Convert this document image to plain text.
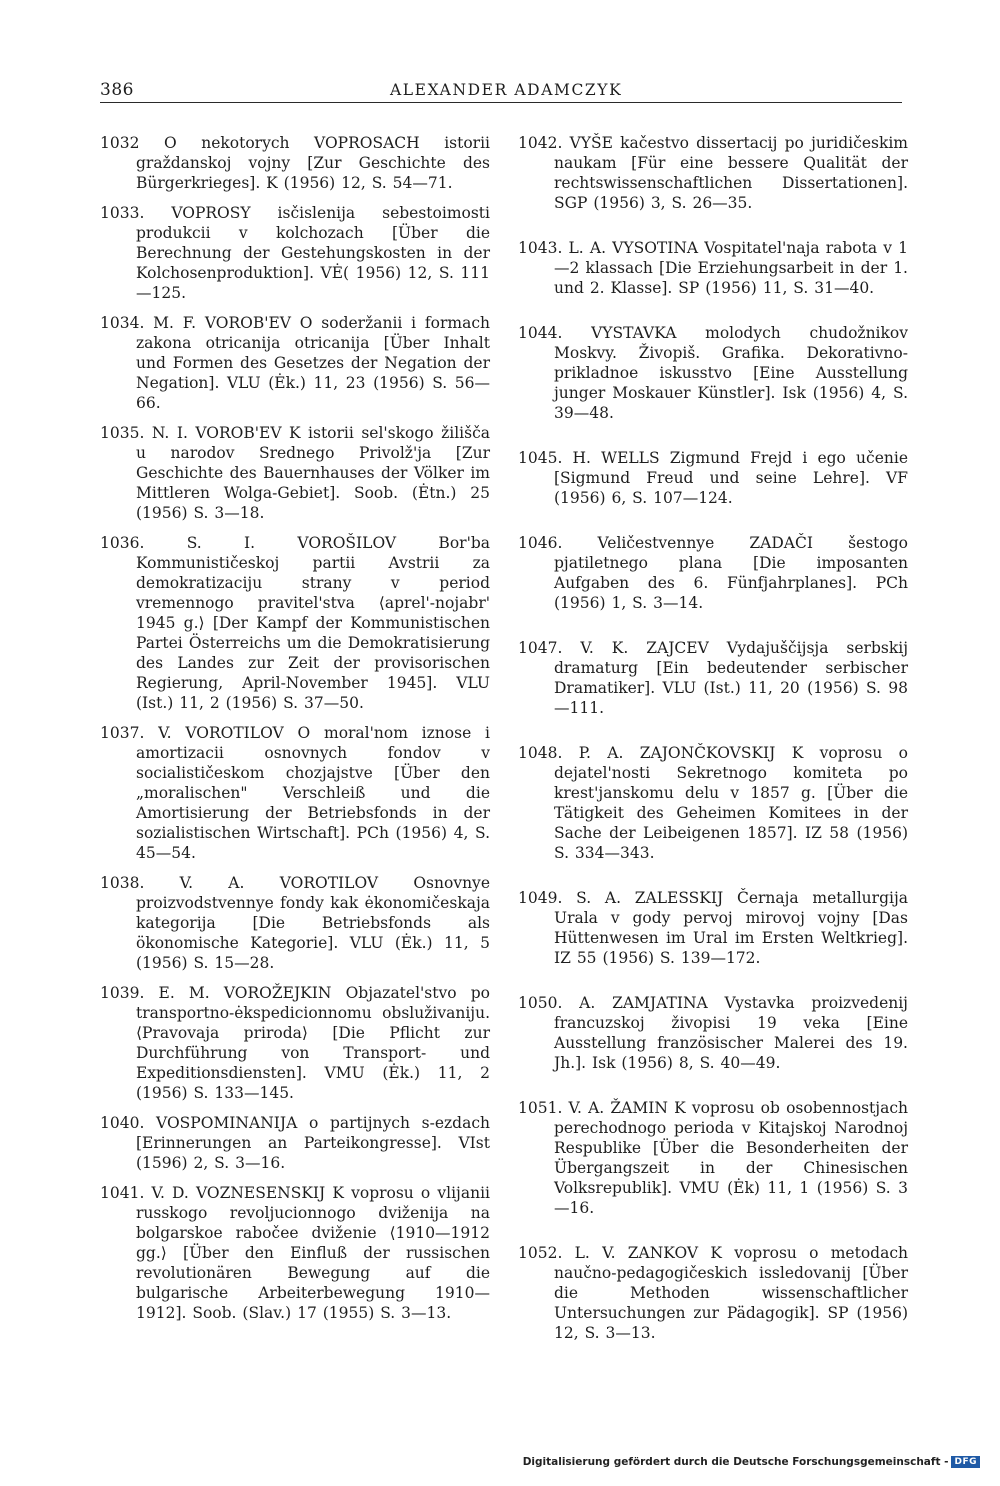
386	ALEXANDER ADAMCZYK

1032 O nekotorych VOPROSACH istorii graždanskoj vojny [Zur Geschichte des Bürgerkrieges]. K (1956) 12, S. 54—71.

1033. VOPROSY isčislenija sebestoimosti produkcii v kolchozach [Über die Berechnung der Gestehungskosten in der Kolchosenproduktion]. VĖ( 1956) 12, S. 111—125.

1034. M. F. VOROB'EV O soderžanii i formach zakona otricanija otricanija [Über Inhalt und Formen des Gesetzes der Negation der Negation]. VLU (Ėk.) 11, 23 (1956) S. 56—66.

1035. N. I. VOROB'EV K istorii sel'skogo žilišča u narodov Srednego Privolž'ja [Zur Geschichte des Bauernhauses der Völker im Mittleren Wolga-Gebiet]. Soob. (Ėtn.) 25 (1956) S. 3—18.

1036. S. I. VOROŠILOV Bor'ba Kommunističeskoj partii Avstrii za demokratizaciju strany v period vremennogo pravitel'stva ⟨aprel'-nojabr' 1945 g.⟩ [Der Kampf der Kommunistischen Partei Österreichs um die Demokratisierung des Landes zur Zeit der provisorischen Regierung, April-November 1945]. VLU (Ist.) 11, 2 (1956) S. 37—50.

1037. V. VOROTILOV O moral'nom iznose i amortizacii osnovnych fondov v socialističeskom chozjajstve [Über den „moralischen" Verschleiß und die Amortisierung der Betriebsfonds in der sozialistischen Wirtschaft]. PCh (1956) 4, S. 45—54.

1038. V. A. VOROTILOV Osnovnye proizvodstvennye fondy kak ėkonomičeskaja kategorija [Die Betriebsfonds als ökonomische Kategorie]. VLU (Ėk.) 11, 5 (1956) S. 15—28.

1039. E. M. VOROŽEJKIN Objazatel'stvo po transportno-ėkspedicionnomu obsluživaniju. ⟨Pravovaja priroda⟩ [Die Pflicht zur Durchführung von Transport- und Expeditionsdiensten]. VMU (Ėk.) 11, 2 (1956) S. 133—145.

1040. VOSPOMINANIJA o partijnych s-ezdach [Erinnerungen an Parteikongresse]. VIst (1596) 2, S. 3—16.

1041. V. D. VOZNESENSKIJ K voprosu o vlijanii russkogo revoljucionnogo dviženija na bolgarskoe rabočee dviženie ⟨1910—1912 gg.⟩ [Über den Einfluß der russischen revolutionären Bewegung auf die bulgarische Arbeiterbewegung 1910—1912]. Soob. (Slav.) 17 (1955) S. 3—13.

1042. VYŠE kačestvo dissertacij po juridičeskim naukam [Für eine bessere Qualität der rechtswissenschaftlichen Dissertationen]. SGP (1956) 3, S. 26—35.

1043. L. A. VYSOTINA Vospitatel'naja rabota v 1—2 klassach [Die Erziehungsarbeit in der 1. und 2. Klasse]. SP (1956) 11, S. 31—40.

1044. VYSTAVKA molodych chudožnikov Moskvy. Živopiš. Grafika. Dekorativno-prikladnoe iskusstvo [Eine Ausstellung junger Moskauer Künstler]. Isk (1956) 4, S. 39—48.

1045. H. WELLS Zigmund Frejd i ego učenie [Sigmund Freud und seine Lehre]. VF (1956) 6, S. 107—124.

1046. Veličestvennye ZADAČI šestogo pjatiletnego plana [Die imposanten Aufgaben des 6. Fünfjahrplanes]. PCh (1956) 1, S. 3—14.

1047. V. K. ZAJCEV Vydajuščijsja serbskij dramaturg [Ein bedeutender serbischer Dramatiker]. VLU (Ist.) 11, 20 (1956) S. 98—111.

1048. P. A. ZAJONČKOVSKIJ K voprosu o dejatel'nosti Sekretnogo komiteta po krest'janskomu delu v 1857 g. [Über die Tätigkeit des Geheimen Komitees in der Sache der Leibeigenen 1857]. IZ 58 (1956) S. 334—343.

1049. S. A. ZALESSKIJ Černaja metallurgija Urala v gody pervoj mirovoj vojny [Das Hüttenwesen im Ural im Ersten Weltkrieg]. IZ 55 (1956) S. 139—172.

1050. A. ZAMJATINA Vystavka proizvedenij francuzskoj živopisi 19 veka [Eine Ausstellung französischer Malerei des 19. Jh.]. Isk (1956) 8, S. 40—49.

1051. V. A. ŽAMIN K voprosu ob osobennostjach perechodnogo perioda v Kitajskoj Narodnoj Respublike [Über die Besonderheiten der Übergangszeit in der Chinesischen Volksrepublik]. VMU (Ėk) 11, 1 (1956) S. 3—16.

1052. L. V. ZANKOV K voprosu o metodach naučno-pedagogičeskich issledovanij [Über die Methoden wissenschaftlicher Untersuchungen zur Pädagogik]. SP (1956) 12, S. 3—13.

Digitalisierung gefördert durch die Deutsche Forschungsgemeinschaft - DFG
